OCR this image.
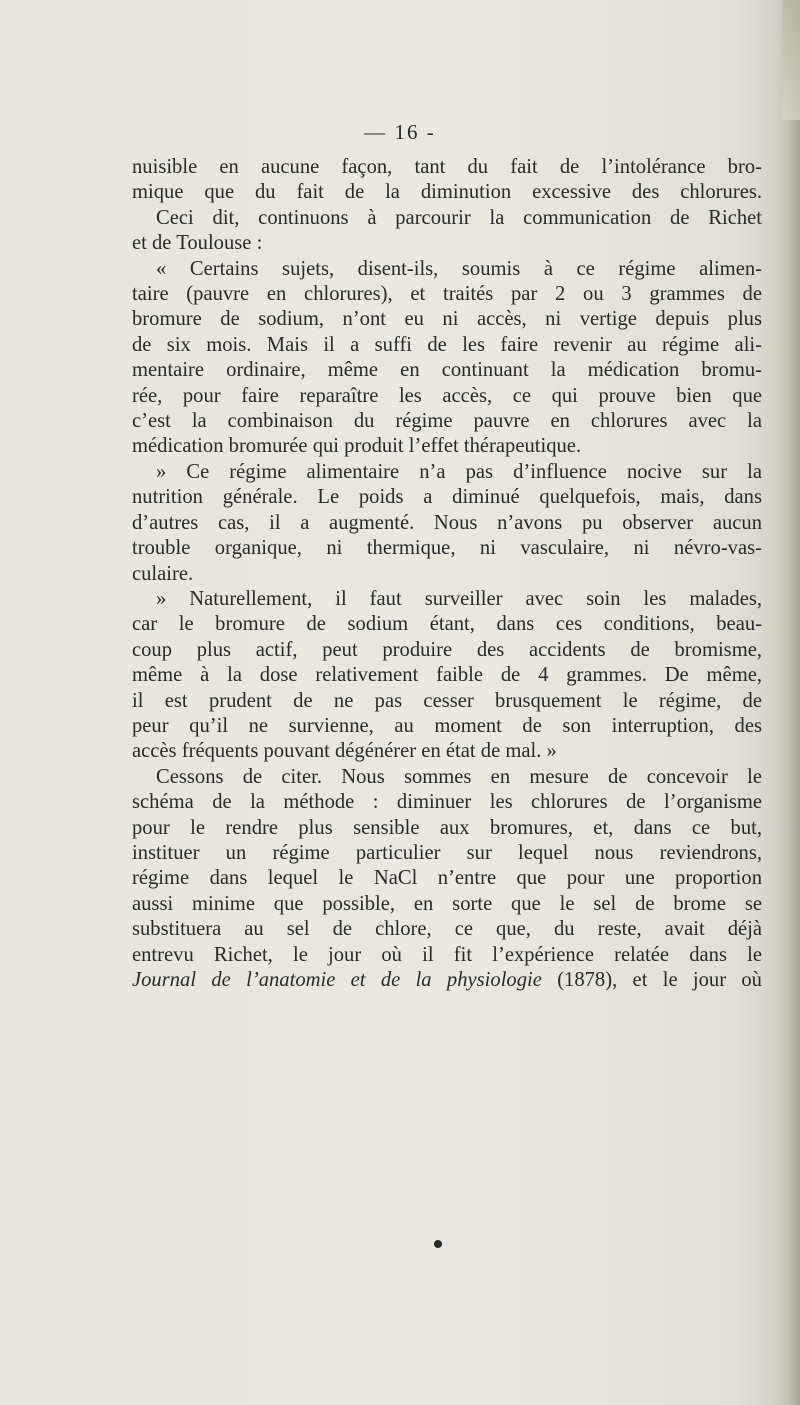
— 16 -
nuisible en aucune façon, tant du fait de l’intolérance bro-
mique que du fait de la diminution excessive des chlorures.
Ceci dit, continuons à parcourir la communication de Richet
et de Toulouse :
« Certains sujets, disent-ils, soumis à ce régime alimen-
taire (pauvre en chlorures), et traités par 2 ou 3 grammes de
bromure de sodium, n’ont eu ni accès, ni vertige depuis plus
de six mois. Mais il a suffi de les faire revenir au régime ali-
mentaire ordinaire, même en continuant la médication bromu-
rée, pour faire reparaître les accès, ce qui prouve bien que
c’est la combinaison du régime pauvre en chlorures avec la
médication bromurée qui produit l’effet thérapeutique.
» Ce régime alimentaire n’a pas d’influence nocive sur la
nutrition générale. Le poids a diminué quelquefois, mais, dans
d’autres cas, il a augmenté. Nous n’avons pu observer aucun
trouble organique, ni thermique, ni vasculaire, ni névro-vas-
culaire.
» Naturellement, il faut surveiller avec soin les malades,
car le bromure de sodium étant, dans ces conditions, beau-
coup plus actif, peut produire des accidents de bromisme,
même à la dose relativement faible de 4 grammes. De même,
il est prudent de ne pas cesser brusquement le régime, de
peur qu’il ne survienne, au moment de son interruption, des
accès fréquents pouvant dégénérer en état de mal. »
Cessons de citer. Nous sommes en mesure de concevoir le
schéma de la méthode : diminuer les chlorures de l’organisme
pour le rendre plus sensible aux bromures, et, dans ce but,
instituer un régime particulier sur lequel nous reviendrons,
régime dans lequel le NaCl n’entre que pour une proportion
aussi minime que possible, en sorte que le sel de brome se
substituera au sel de chlore, ce que, du reste, avait déjà
entrevu Richet, le jour où il fit l’expérience relatée dans le
Journal de l’anatomie et de la physiologie (1878), et le jour où
